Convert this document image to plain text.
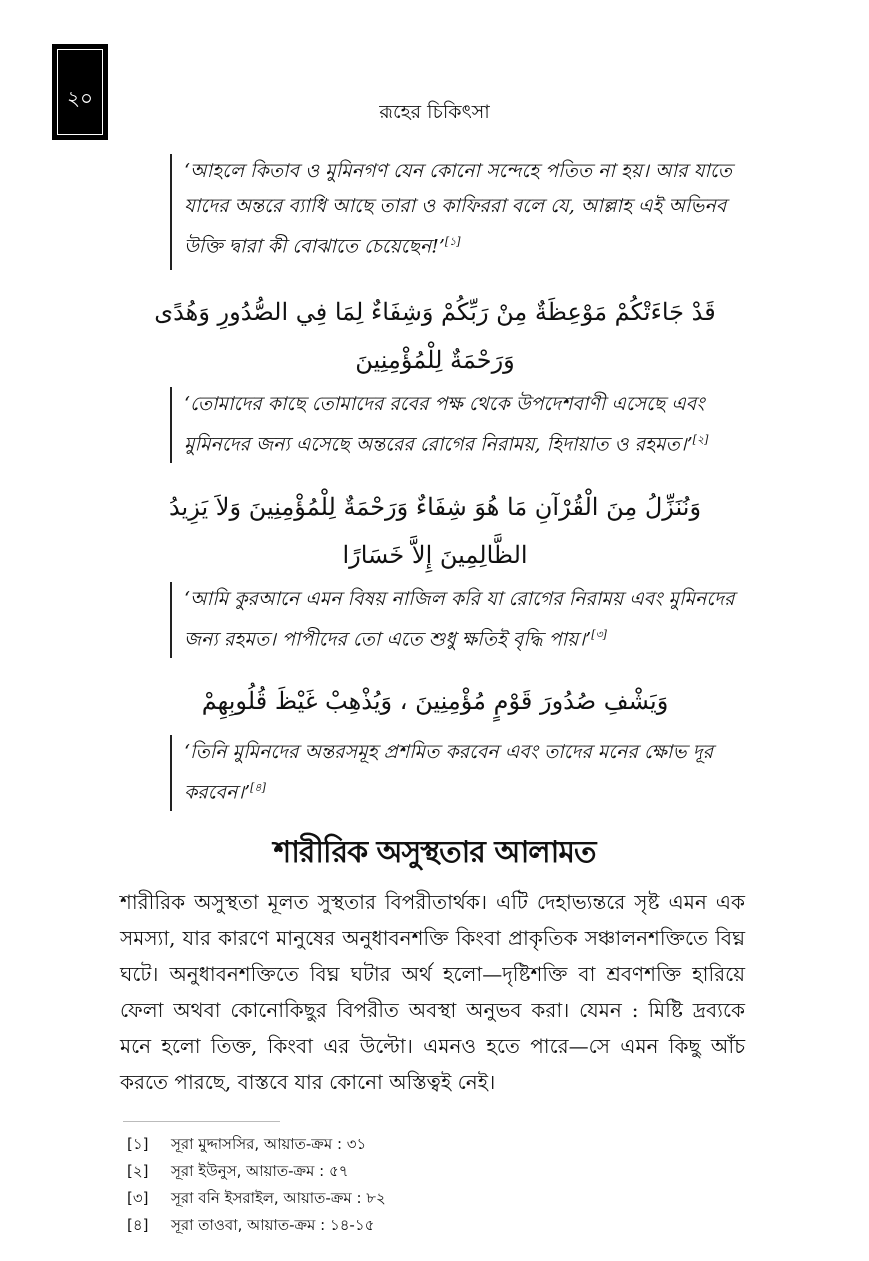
২০
রূহের চিকিৎসা
‘আহলে কিতাব ও মুমিনগণ যেন কোনো সন্দেহে পতিত না হয়। আর যাতে যাদের অন্তরে ব্যাধি আছে তারা ও কাফিররা বলে যে, আল্লাহ এই অভিনব উক্তি দ্বারা কী বোঝাতে চেয়েছেন!’[১]
قَدْ جَاءَتْكُمْ مَوْعِظَةٌ مِنْ رَبِّكُمْ وَشِفَاءٌ لِمَا فِي الصُّدُورِ وَهُدًى وَرَحْمَةٌ لِلْمُؤْمِنِينَ
‘তোমাদের কাছে তোমাদের রবের পক্ষ থেকে উপদেশবাণী এসেছে এবং মুমিনদের জন্য এসেছে অন্তরের রোগের নিরাময়, হিদায়াত ও রহমত।’[২]
وَنُنَزِّلُ مِنَ الْقُرْآنِ مَا هُوَ شِفَاءٌ وَرَحْمَةٌ لِلْمُؤْمِنِينَ وَلاَ يَزِيدُ الظَّالِمِينَ إِلاَّ خَسَارًا
‘আমি কুরআনে এমন বিষয় নাজিল করি যা রোগের নিরাময় এবং মুমিনদের জন্য রহমত। পাপীদের তো এতে শুধু ক্ষতিই বৃদ্ধি পায়।’[৩]
وَيَشْفِ صُدُورَ قَوْمٍ مُؤْمِنِينَ ، وَيُذْهِبْ غَيْظَ قُلُوبِهِمْ
‘তিনি মুমিনদের অন্তরসমূহ প্রশমিত করবেন এবং তাদের মনের ক্ষোভ দূর করবেন।’[৪]
শারীরিক অসুস্থতার আলামত
শারীরিক অসুস্থতা মূলত সুস্থতার বিপরীতার্থক। এটি দেহাভ্যন্তরে সৃষ্ট এমন এক সমস্যা, যার কারণে মানুষের অনুধাবনশক্তি কিংবা প্রাকৃতিক সঞ্চালনশক্তিতে বিঘ্ন ঘটে। অনুধাবনশক্তিতে বিঘ্ন ঘটার অর্থ হলো—দৃষ্টিশক্তি বা শ্রবণশক্তি হারিয়ে ফেলা অথবা কোনোকিছুর বিপরীত অবস্থা অনুভব করা। যেমন : মিষ্টি দ্রব্যকে মনে হলো তিক্ত, কিংবা এর উল্টো। এমনও হতে পারে—সে এমন কিছু আঁচ করতে পারছে, বাস্তবে যার কোনো অস্তিত্বই নেই।
[১]	সূরা মুদ্দাসসির, আয়াত-ক্রম : ৩১
[২]	সূরা ইউনুস, আয়াত-ক্রম : ৫৭
[৩]	সূরা বনি ইসরাইল, আয়াত-ক্রম : ৮২
[৪]	সূরা তাওবা, আয়াত-ক্রম : ১৪-১৫
